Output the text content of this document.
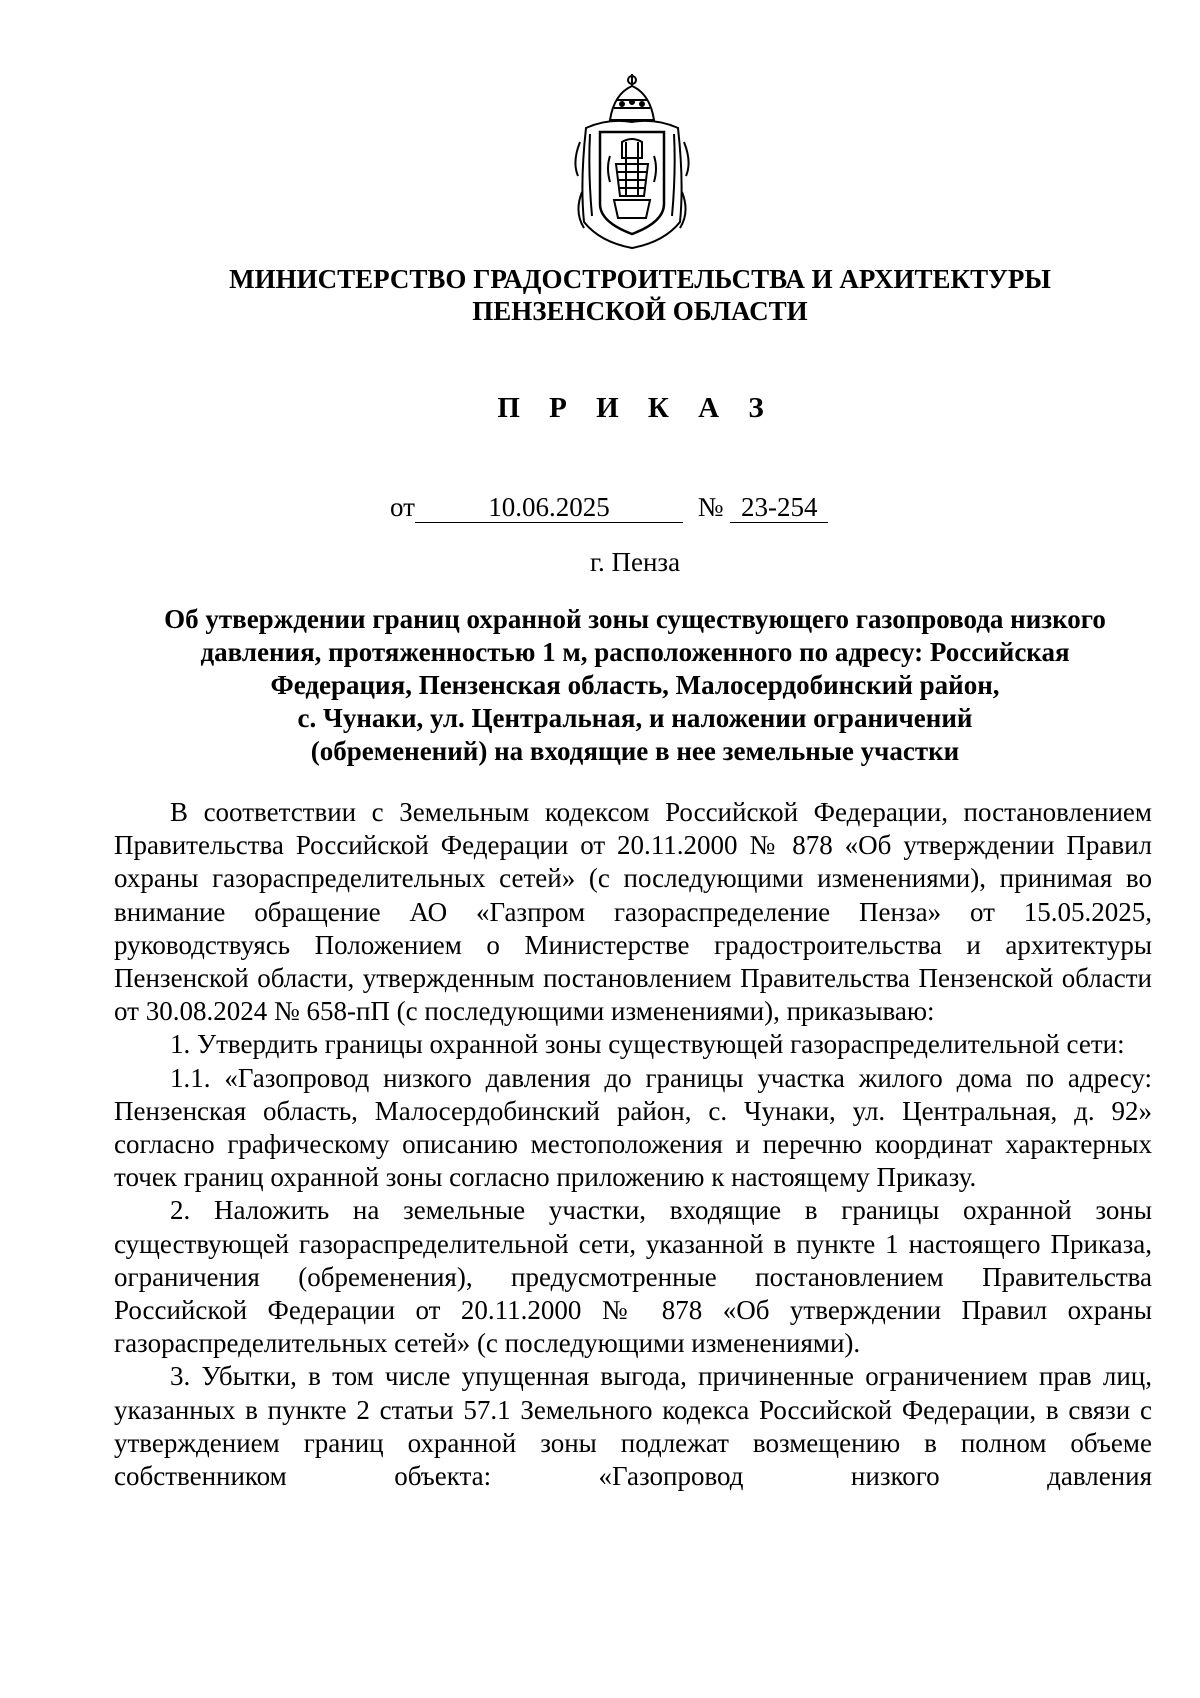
МИНИСТЕРСТВО ГРАДОСТРОИТЕЛЬСТВА И АРХИТЕКТУРЫ
ПЕНЗЕНСКОЙ ОБЛАСТИ
П Р И К А З
от	10.06.2025	№ 23-254
г. Пенза
Об утверждении границ охранной зоны существующего газопровода низкого
давления, протяженностью 1 м, расположенного по адресу: Российская
Федерация, Пензенская область, Малосердобинский район,
с. Чунаки, ул. Центральная, и наложении ограничений
(обременений) на входящие в нее земельные участки

В соответствии с Земельным кодексом Российской Федерации, постановлением Правительства Российской Федерации от 20.11.2000 № 878 «Об утверждении Правил охраны газораспределительных сетей» (с последующими изменениями), принимая во внимание обращение АО «Газпром газораспределение Пенза» от 15.05.2025, руководствуясь Положением о Министерстве градостроительства и архитектуры Пензенской области, утвержденным постановлением Правительства Пензенской области от 30.08.2024 № 658-пП (с последующими изменениями), приказываю:

1. Утвердить границы охранной зоны существующей газораспределительной сети:

1.1. «Газопровод низкого давления до границы участка жилого дома по адресу: Пензенская область, Малосердобинский район, с. Чунаки, ул. Центральная, д. 92» согласно графическому описанию местоположения и перечню координат характерных точек границ охранной зоны согласно приложению к настоящему Приказу.

2. Наложить на земельные участки, входящие в границы охранной зоны существующей газораспределительной сети, указанной в пункте 1 настоящего Приказа, ограничения (обременения), предусмотренные постановлением Правительства Российской Федерации от 20.11.2000 № 878 «Об утверждении Правил охраны газораспределительных сетей» (с последующими изменениями).

3. Убытки, в том числе упущенная выгода, причиненные ограничением прав лиц, указанных в пункте 2 статьи 57.1 Земельного кодекса Российской Федерации, в связи с утверждением границ охранной зоны подлежат возмещению в полном объеме собственником объекта: «Газопровод низкого давления
